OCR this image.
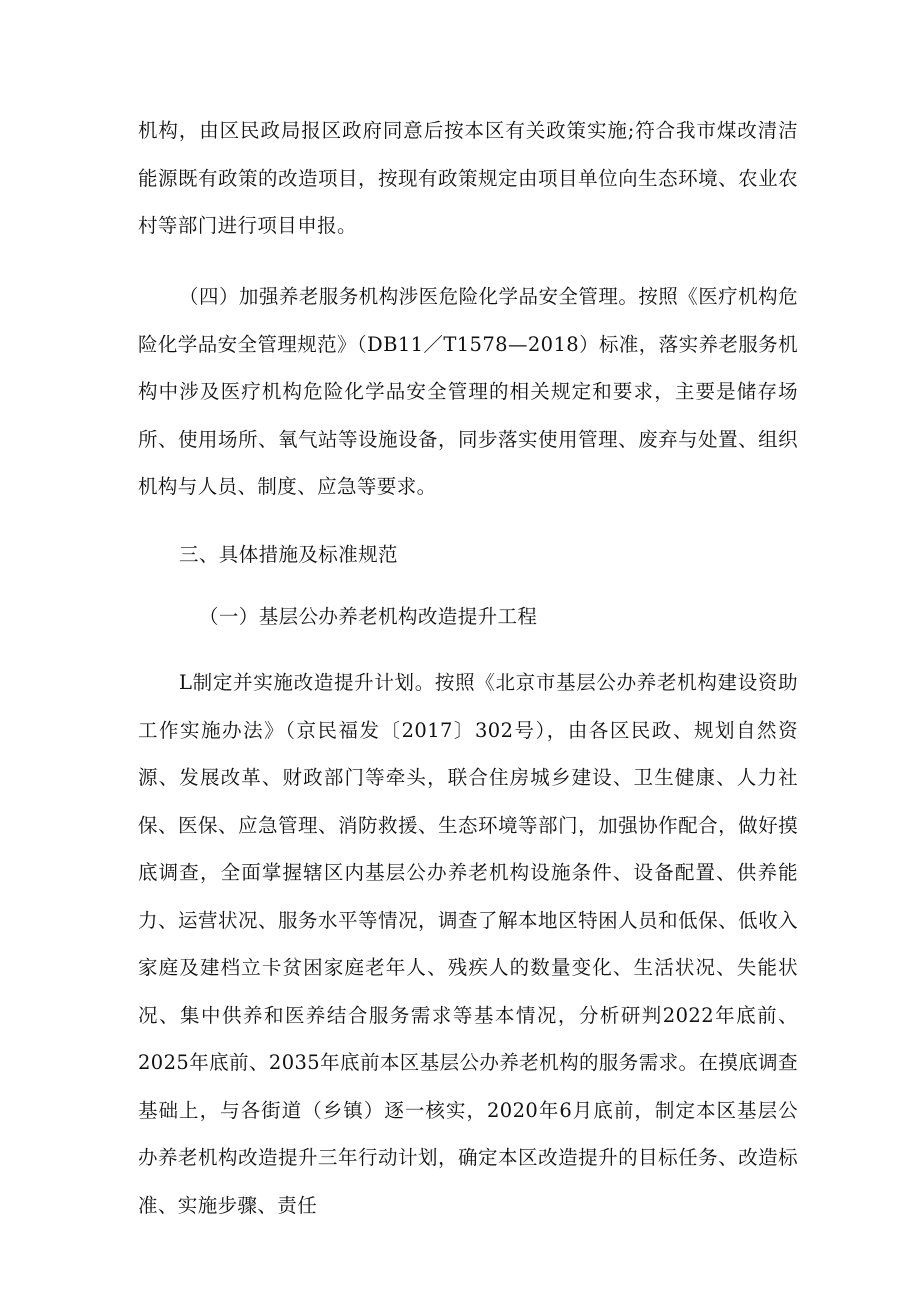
机构，由区民政局报区政府同意后按本区有关政策实施;符合我市煤改清洁能源既有政策的改造项目，按现有政策规定由项目单位向生态环境、农业农村等部门进行项目申报。

（四）加强养老服务机构涉医危险化学品安全管理。按照《医疗机构危险化学品安全管理规范》（DB11／T1578—2018）标准，落实养老服务机构中涉及医疗机构危险化学品安全管理的相关规定和要求，主要是储存场所、使用场所、氧气站等设施设备，同步落实使用管理、废弃与处置、组织机构与人员、制度、应急等要求。

三、具体措施及标准规范

（一）基层公办养老机构改造提升工程

L制定并实施改造提升计划。按照《北京市基层公办养老机构建设资助工作实施办法》（京民福发〔2017〕302号），由各区民政、规划自然资源、发展改革、财政部门等牵头，联合住房城乡建设、卫生健康、人力社保、医保、应急管理、消防救援、生态环境等部门，加强协作配合，做好摸底调查，全面掌握辖区内基层公办养老机构设施条件、设备配置、供养能力、运营状况、服务水平等情况，调查了解本地区特困人员和低保、低收入家庭及建档立卡贫困家庭老年人、残疾人的数量变化、生活状况、失能状况、集中供养和医养结合服务需求等基本情况，分析研判2022年底前、2025年底前、2035年底前本区基层公办养老机构的服务需求。在摸底调查基础上，与各街道（乡镇）逐一核实，2020年6月底前，制定本区基层公办养老机构改造提升三年行动计划，确定本区改造提升的目标任务、改造标准、实施步骤、责任
